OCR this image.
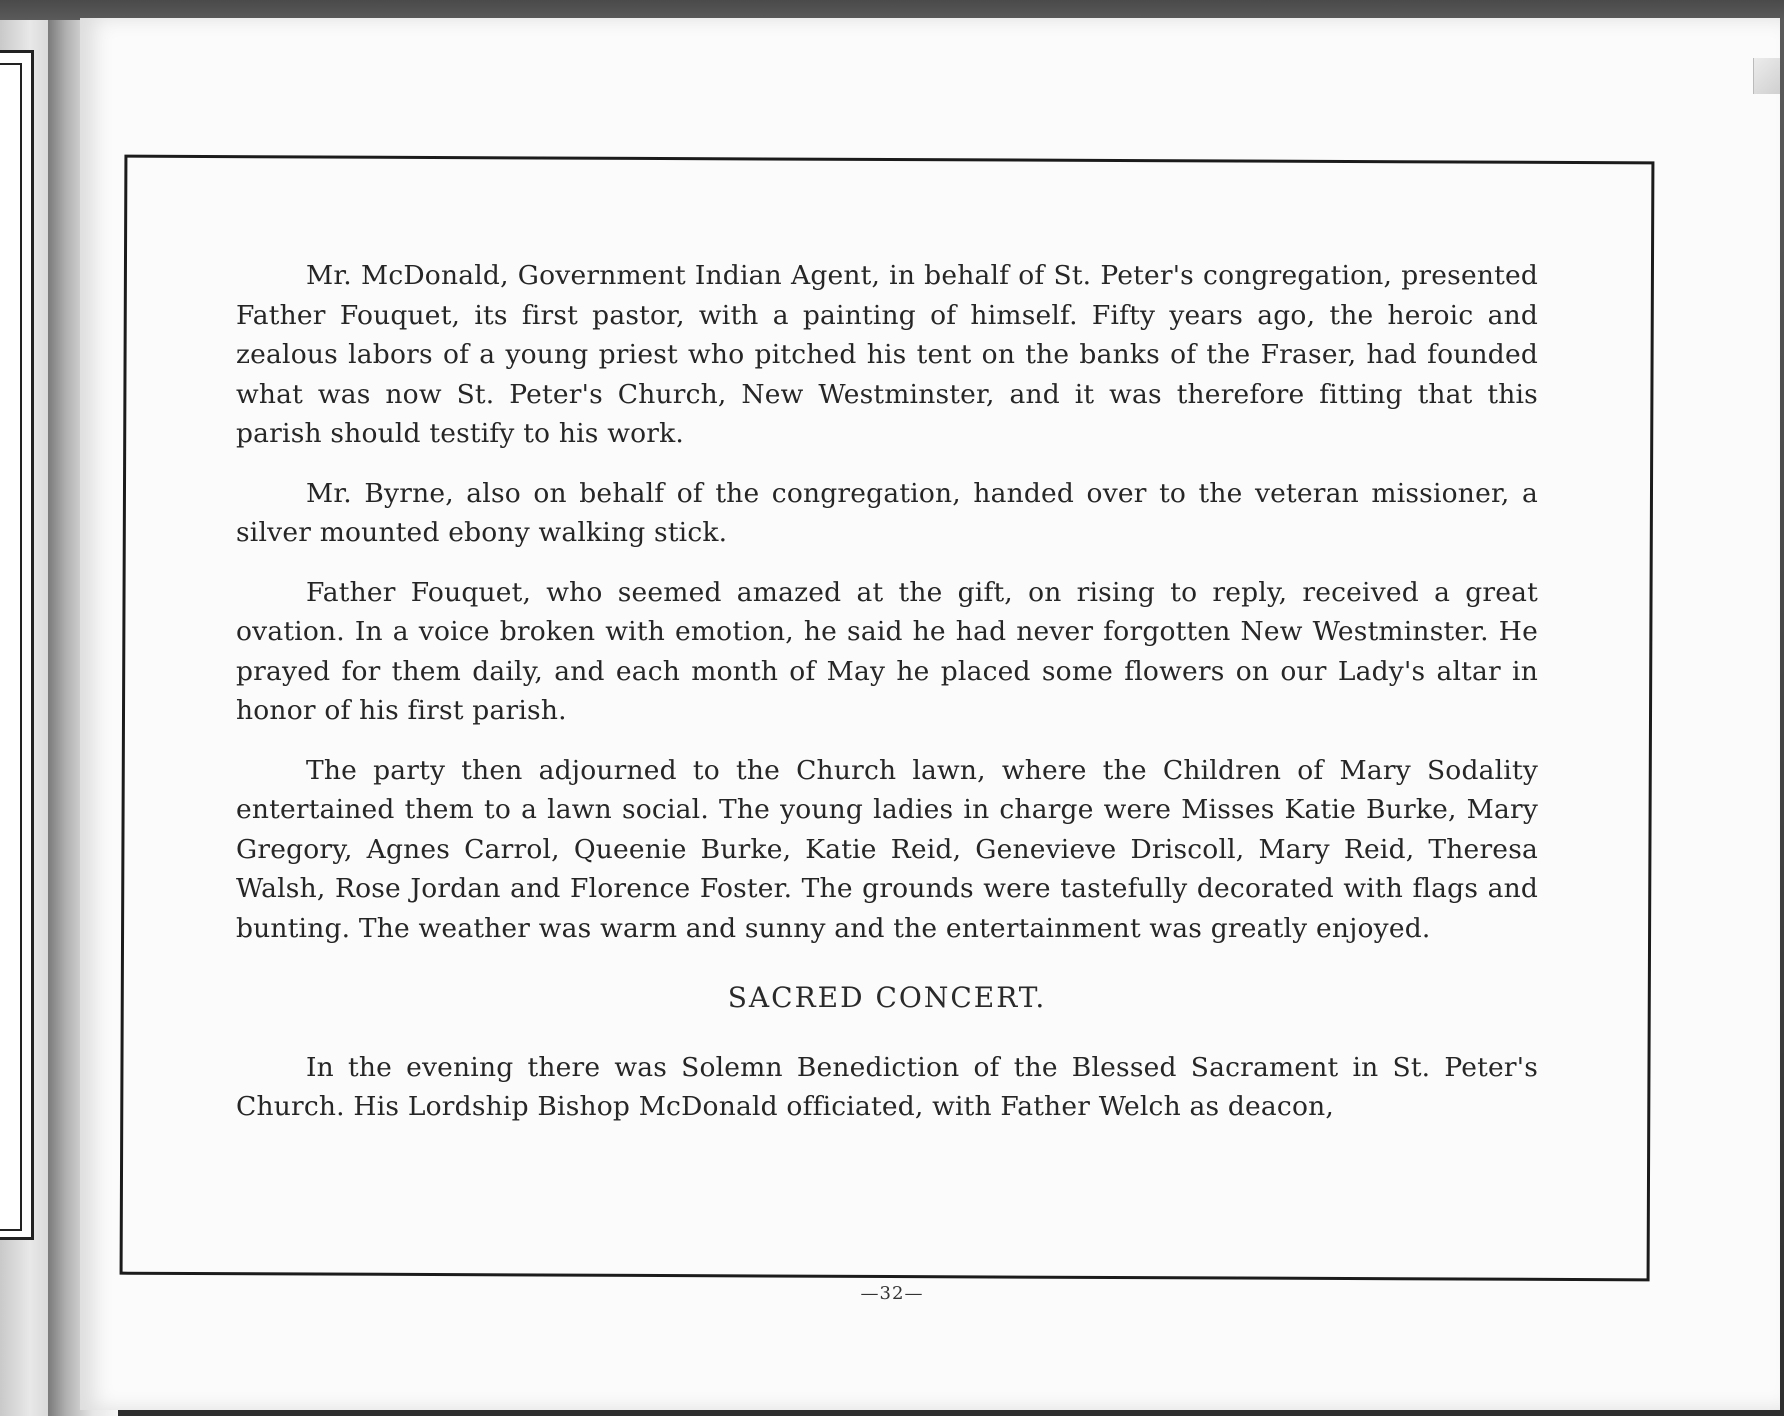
Mr. McDonald, Government Indian Agent, in behalf of St. Peter's congregation, presented Father Fouquet, its first pastor, with a painting of himself. Fifty years ago, the heroic and zealous labors of a young priest who pitched his tent on the banks of the Fraser, had founded what was now St. Peter's Church, New Westminster, and it was therefore fitting that this parish should testify to his work.

Mr. Byrne, also on behalf of the congregation, handed over to the veteran missioner, a silver mounted ebony walking stick.

Father Fouquet, who seemed amazed at the gift, on rising to reply, received a great ovation. In a voice broken with emotion, he said he had never forgotten New Westminster. He prayed for them daily, and each month of May he placed some flowers on our Lady's altar in honor of his first parish.

The party then adjourned to the Church lawn, where the Children of Mary Sodality entertained them to a lawn social. The young ladies in charge were Misses Katie Burke, Mary Gregory, Agnes Carrol, Queenie Burke, Katie Reid, Genevieve Driscoll, Mary Reid, Theresa Walsh, Rose Jordan and Florence Foster. The grounds were tastefully decorated with flags and bunting. The weather was warm and sunny and the entertainment was greatly enjoyed.

SACRED CONCERT.

In the evening there was Solemn Benediction of the Blessed Sacrament in St. Peter's Church. His Lordship Bishop McDonald officiated, with Father Welch as deacon,

—32—
